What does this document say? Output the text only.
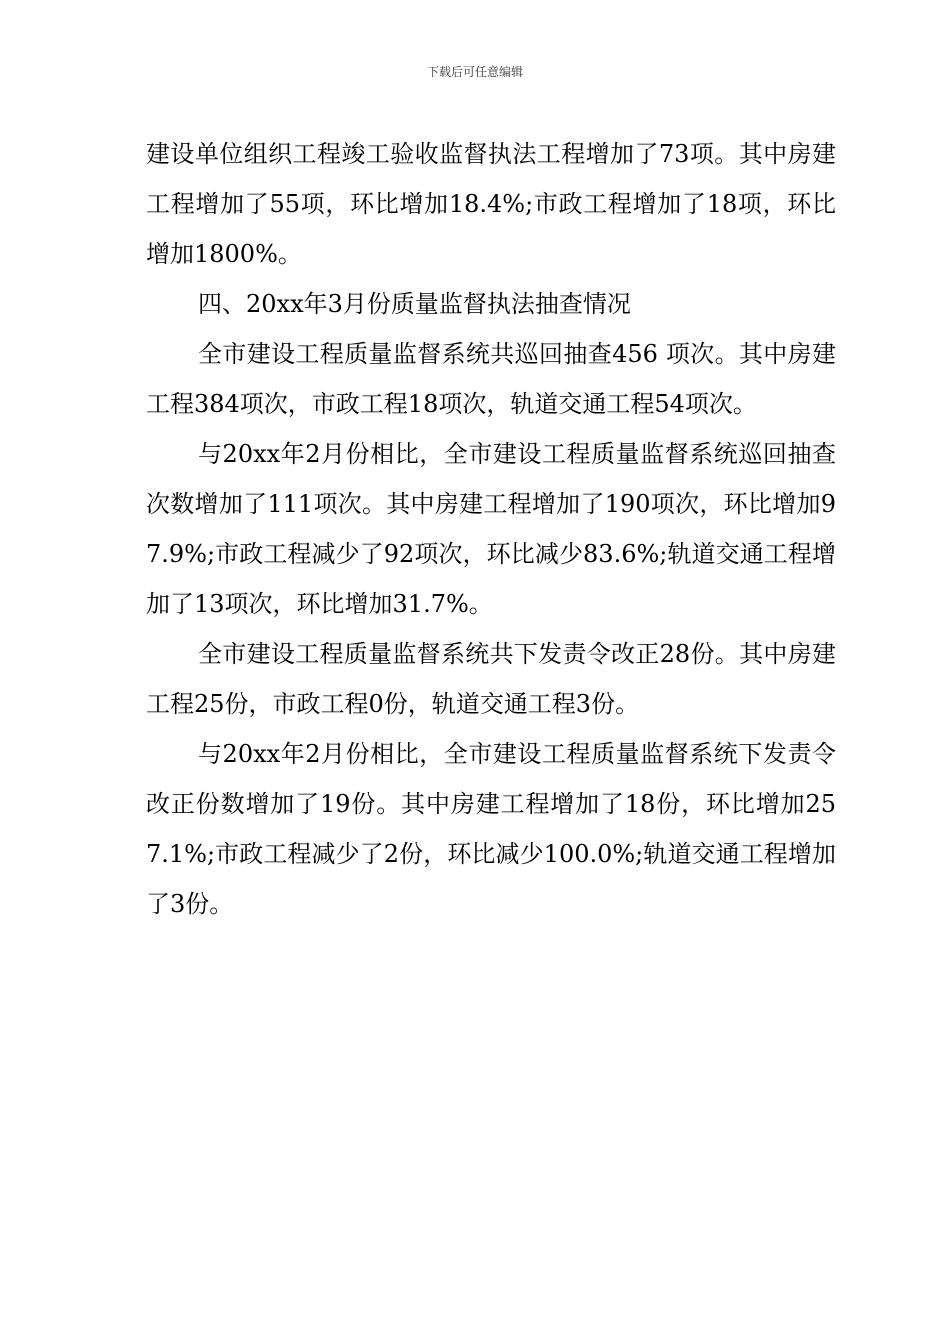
下载后可任意编辑

建设单位组织工程竣工验收监督执法工程增加了73项。其中房建工程增加了55项，环比增加18.4%;市政工程增加了18项，环比增加1800%。

四、20xx年3月份质量监督执法抽查情况

全市建设工程质量监督系统共巡回抽查456 项次。其中房建工程384项次，市政工程18项次，轨道交通工程54项次。

与20xx年2月份相比，全市建设工程质量监督系统巡回抽查次数增加了111项次。其中房建工程增加了190项次，环比增加97.9%;市政工程减少了92项次，环比减少83.6%;轨道交通工程增加了13项次，环比增加31.7%。

全市建设工程质量监督系统共下发责令改正28份。其中房建工程25份，市政工程0份，轨道交通工程3份。

与20xx年2月份相比，全市建设工程质量监督系统下发责令改正份数增加了19份。其中房建工程增加了18份，环比增加257.1%;市政工程减少了2份，环比减少100.0%;轨道交通工程增加了3份。
